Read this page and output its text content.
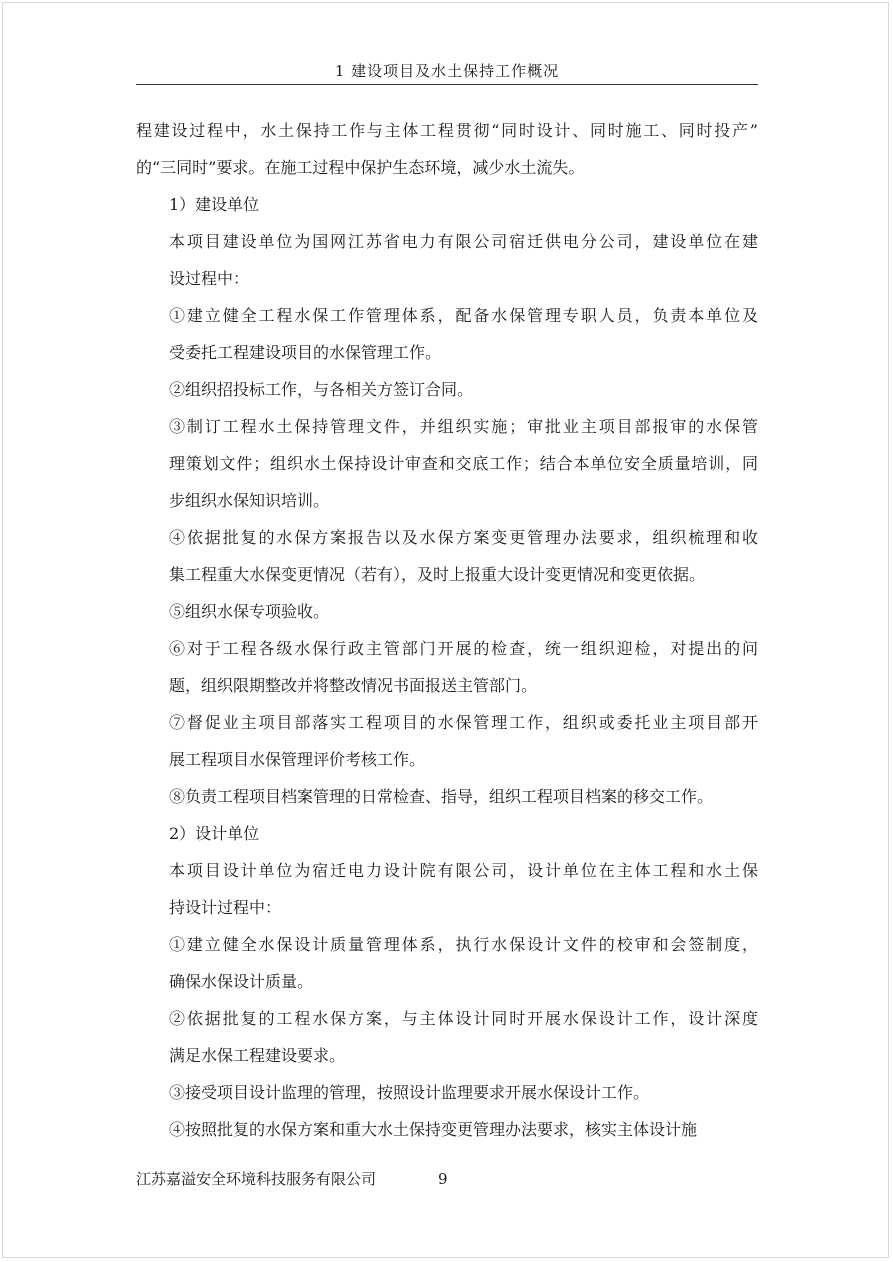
1 建设项目及水土保持工作概况

程建设过程中，水土保持工作与主体工程贯彻“同时设计、同时施工、同时投产”
的“三同时”要求。在施工过程中保护生态环境，减少水土流失。

1）建设单位

本项目建设单位为国网江苏省电力有限公司宿迁供电分公司，建设单位在建
设过程中：

①建立健全工程水保工作管理体系，配备水保管理专职人员，负责本单位及
受委托工程建设项目的水保管理工作。

②组织招投标工作，与各相关方签订合同。

③制订工程水土保持管理文件，并组织实施；审批业主项目部报审的水保管
理策划文件；组织水土保持设计审查和交底工作；结合本单位安全质量培训，同
步组织水保知识培训。

④依据批复的水保方案报告以及水保方案变更管理办法要求，组织梳理和收
集工程重大水保变更情况（若有），及时上报重大设计变更情况和变更依据。

⑤组织水保专项验收。

⑥对于工程各级水保行政主管部门开展的检查，统一组织迎检，对提出的问
题，组织限期整改并将整改情况书面报送主管部门。

⑦督促业主项目部落实工程项目的水保管理工作，组织或委托业主项目部开
展工程项目水保管理评价考核工作。

⑧负责工程项目档案管理的日常检查、指导，组织工程项目档案的移交工作。

2）设计单位

本项目设计单位为宿迁电力设计院有限公司，设计单位在主体工程和水土保
持设计过程中：

①建立健全水保设计质量管理体系，执行水保设计文件的校审和会签制度，
确保水保设计质量。

②依据批复的工程水保方案，与主体设计同时开展水保设计工作，设计深度
满足水保工程建设要求。

③接受项目设计监理的管理，按照设计监理要求开展水保设计工作。

④按照批复的水保方案和重大水土保持变更管理办法要求，核实主体设计施

江苏嘉溢安全环境科技服务有限公司	9
